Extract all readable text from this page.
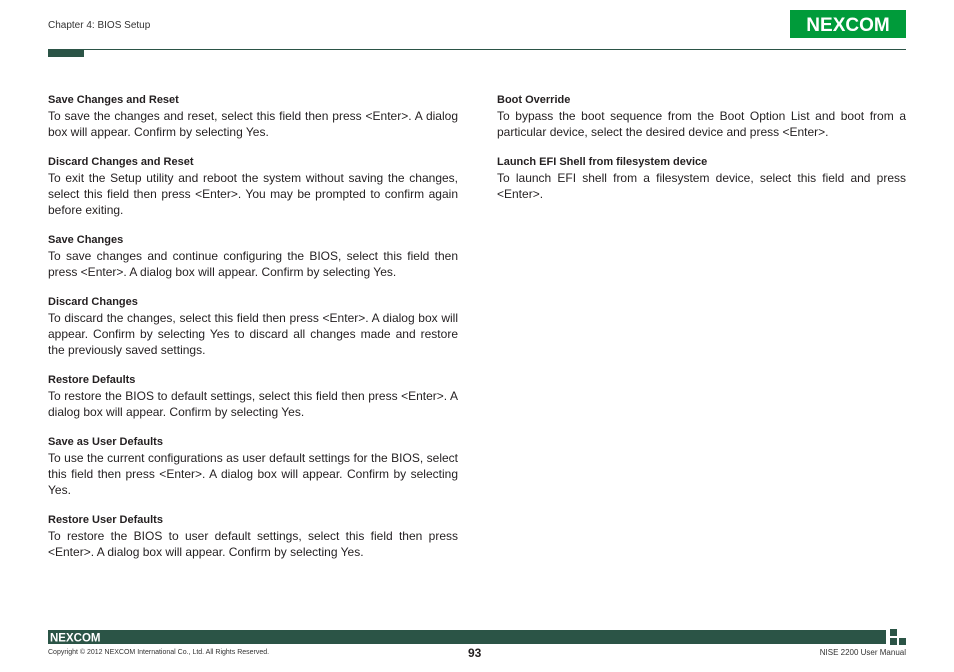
Chapter 4: BIOS Setup	NEXCOM
Save Changes and Reset

To save the changes and reset, select this field then press <Enter>. A dialog box will appear. Confirm by selecting Yes.

Discard Changes and Reset

To exit the Setup utility and reboot the system without saving the changes, select this field then press <Enter>. You may be prompted to confirm again before exiting.

Save Changes

To save changes and continue configuring the BIOS, select this field then press <Enter>. A dialog box will appear. Confirm by selecting Yes.

Discard Changes

To discard the changes, select this field then press <Enter>. A dialog box will appear. Confirm by selecting Yes to discard all changes made and restore the previously saved settings.

Restore Defaults

To restore the BIOS to default settings, select this field then press <Enter>. A dialog box will appear. Confirm by selecting Yes.

Save as User Defaults

To use the current configurations as user default settings for the BIOS, select this field then press <Enter>. A dialog box will appear. Confirm by selecting Yes.

Restore User Defaults

To restore the BIOS to user default settings, select this field then press <Enter>. A dialog box will appear. Confirm by selecting Yes.

Boot Override

To bypass the boot sequence from the Boot Option List and boot from a particular device, select the desired device and press <Enter>.

Launch EFI Shell from filesystem device

To launch EFI shell from a filesystem device, select this field and press <Enter>.

NEXCOM
Copyright © 2012 NEXCOM International Co., Ltd. All Rights Reserved.	93	NISE 2200 User Manual
